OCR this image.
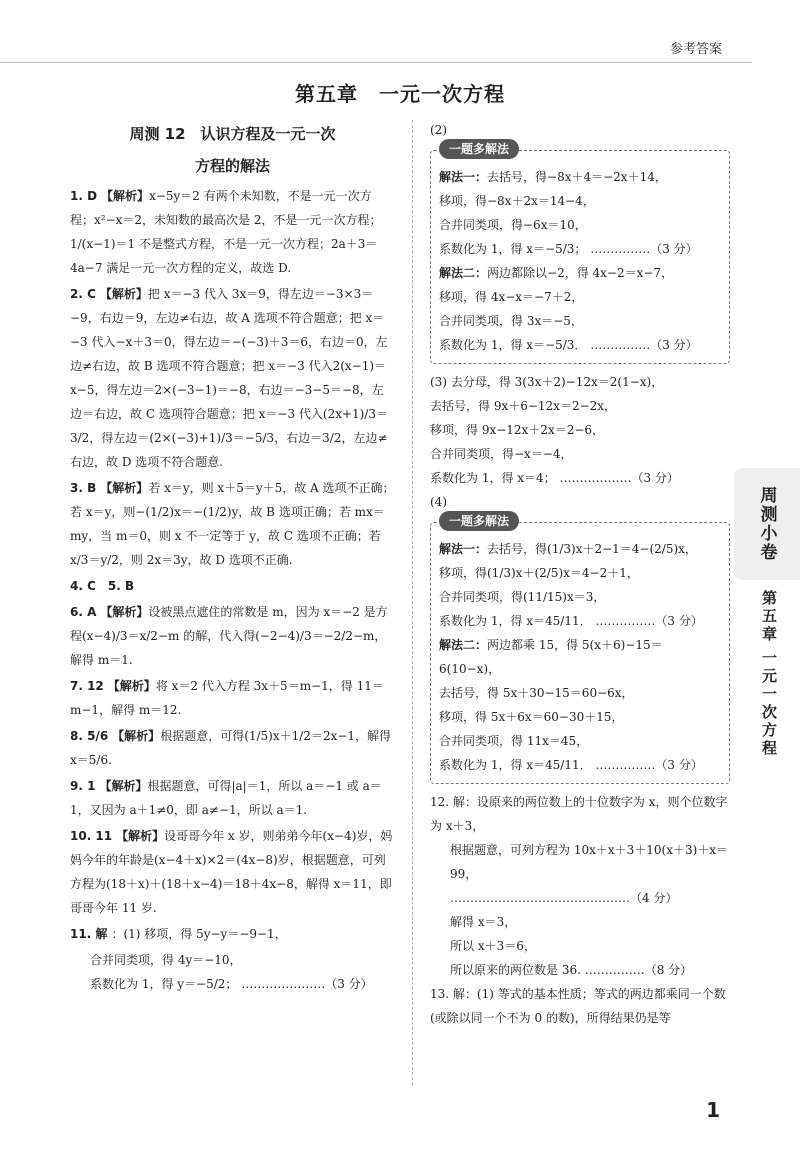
参考答案
第五章　一元一次方程
周测 12　认识方程及一元一次
方程的解法
1. D 【解析】x−5y＝2 有两个未知数，不是一元一次方程；x²−x＝2，未知数的最高次是 2，不是一元一次方程；1/(x−1)＝1 不是整式方程，不是一元一次方程；2a＋3＝4a−7 满足一元一次方程的定义，故选 D.
2. C 【解析】把 x＝−3 代入 3x＝9，得左边＝−3×3＝−9，右边＝9，左边≠右边，故 A 选项不符合题意；把 x＝−3 代入−x＋3＝0，得左边＝−(−3)＋3＝6，右边＝0，左边≠右边，故 B 选项不符合题意；把 x＝−3 代入2(x−1)＝x−5，得左边＝2×(−3−1)＝−8，右边＝−3−5＝−8，左边＝右边，故 C 选项符合题意；把 x＝−3 代入(2x+1)/3＝3/2，得左边＝(2×(−3)+1)/3＝−5/3，右边＝3/2，左边≠右边，故 D 选项不符合题意.
3. B 【解析】若 x＝y，则 x＋5＝y＋5，故 A 选项不正确；若 x＝y，则−(1/2)x＝−(1/2)y，故 B 选项正确；若 mx＝my，当 m＝0，则 x 不一定等于 y，故 C 选项不正确；若 x/3＝y/2，则 2x＝3y，故 D 选项不正确.
4. C　5. B
6. A 【解析】设被黑点遮住的常数是 m，因为 x＝−2 是方程(x−4)/3＝x/2−m 的解，代入得(−2−4)/3＝−2/2−m，解得 m＝1.
7. 12 【解析】将 x＝2 代入方程 3x＋5＝m−1，得 11＝m−1，解得 m＝12.
8. 5/6 【解析】根据题意，可得(1/5)x＋1/2＝2x−1，解得 x＝5/6.
9. 1 【解析】根据题意，可得|a|＝1，所以 a＝−1 或 a＝1，又因为 a＋1≠0，即 a≠−1，所以 a＝1.
10. 11 【解析】设哥哥今年 x 岁，则弟弟今年(x−4)岁，妈妈今年的年龄是(x−4＋x)×2＝(4x−8)岁，根据题意，可列方程为(18＋x)＋(18＋x−4)＝18＋4x−8，解得 x＝11，即哥哥今年 11 岁.
11. 解 ：(1) 移项，得 5y−y＝−9−1，
合并同类项，得 4y＝−10，
系数化为 1，得 y＝−5/2； …………………（3 分）
(2)
一题多解法
解法一：去括号，得−8x＋4＝−2x＋14，
移项，得−8x＋2x＝14−4，
合并同类项，得−6x＝10，
系数化为 1，得 x＝−5/3； ……………（3 分）
解法二：两边都除以−2，得 4x−2＝x−7，
移项，得 4x−x＝−7＋2，
合并同类项，得 3x＝−5，
系数化为 1，得 x＝−5/3． ……………（3 分）
(3) 去分母，得 3(3x＋2)−12x＝2(1−x)，
去括号，得 9x＋6−12x＝2−2x，
移项，得 9x−12x＋2x＝2−6，
合并同类项，得−x＝−4，
系数化为 1，得 x＝4； ………………（3 分）
(4)
一题多解法
解法一：去括号，得(1/3)x＋2−1＝4−(2/5)x，
移项，得(1/3)x＋(2/5)x＝4−2＋1，
合并同类项，得(11/15)x＝3，
系数化为 1，得 x＝45/11． ……………（3 分）
解法二：两边都乘 15，得 5(x＋6)−15＝6(10−x)，
去括号，得 5x＋30−15＝60−6x，
移项，得 5x＋6x＝60−30＋15，
合并同类项，得 11x＝45，
系数化为 1，得 x＝45/11． ……………（3 分）
12. 解：设原来的两位数上的十位数字为 x，则个位数字为 x＋3，
根据题意，可列方程为 10x＋x＋3＋10(x＋3)＋x＝99，
………………………………………（4 分）
解得 x＝3，
所以 x＋3＝6，
所以原来的两位数是 36. ……………（8 分）
13. 解：(1) 等式的基本性质；等式的两边都乘同一个数(或除以同一个不为 0 的数)，所得结果仍是等
周测小卷
第五章
一元一次方程
1
